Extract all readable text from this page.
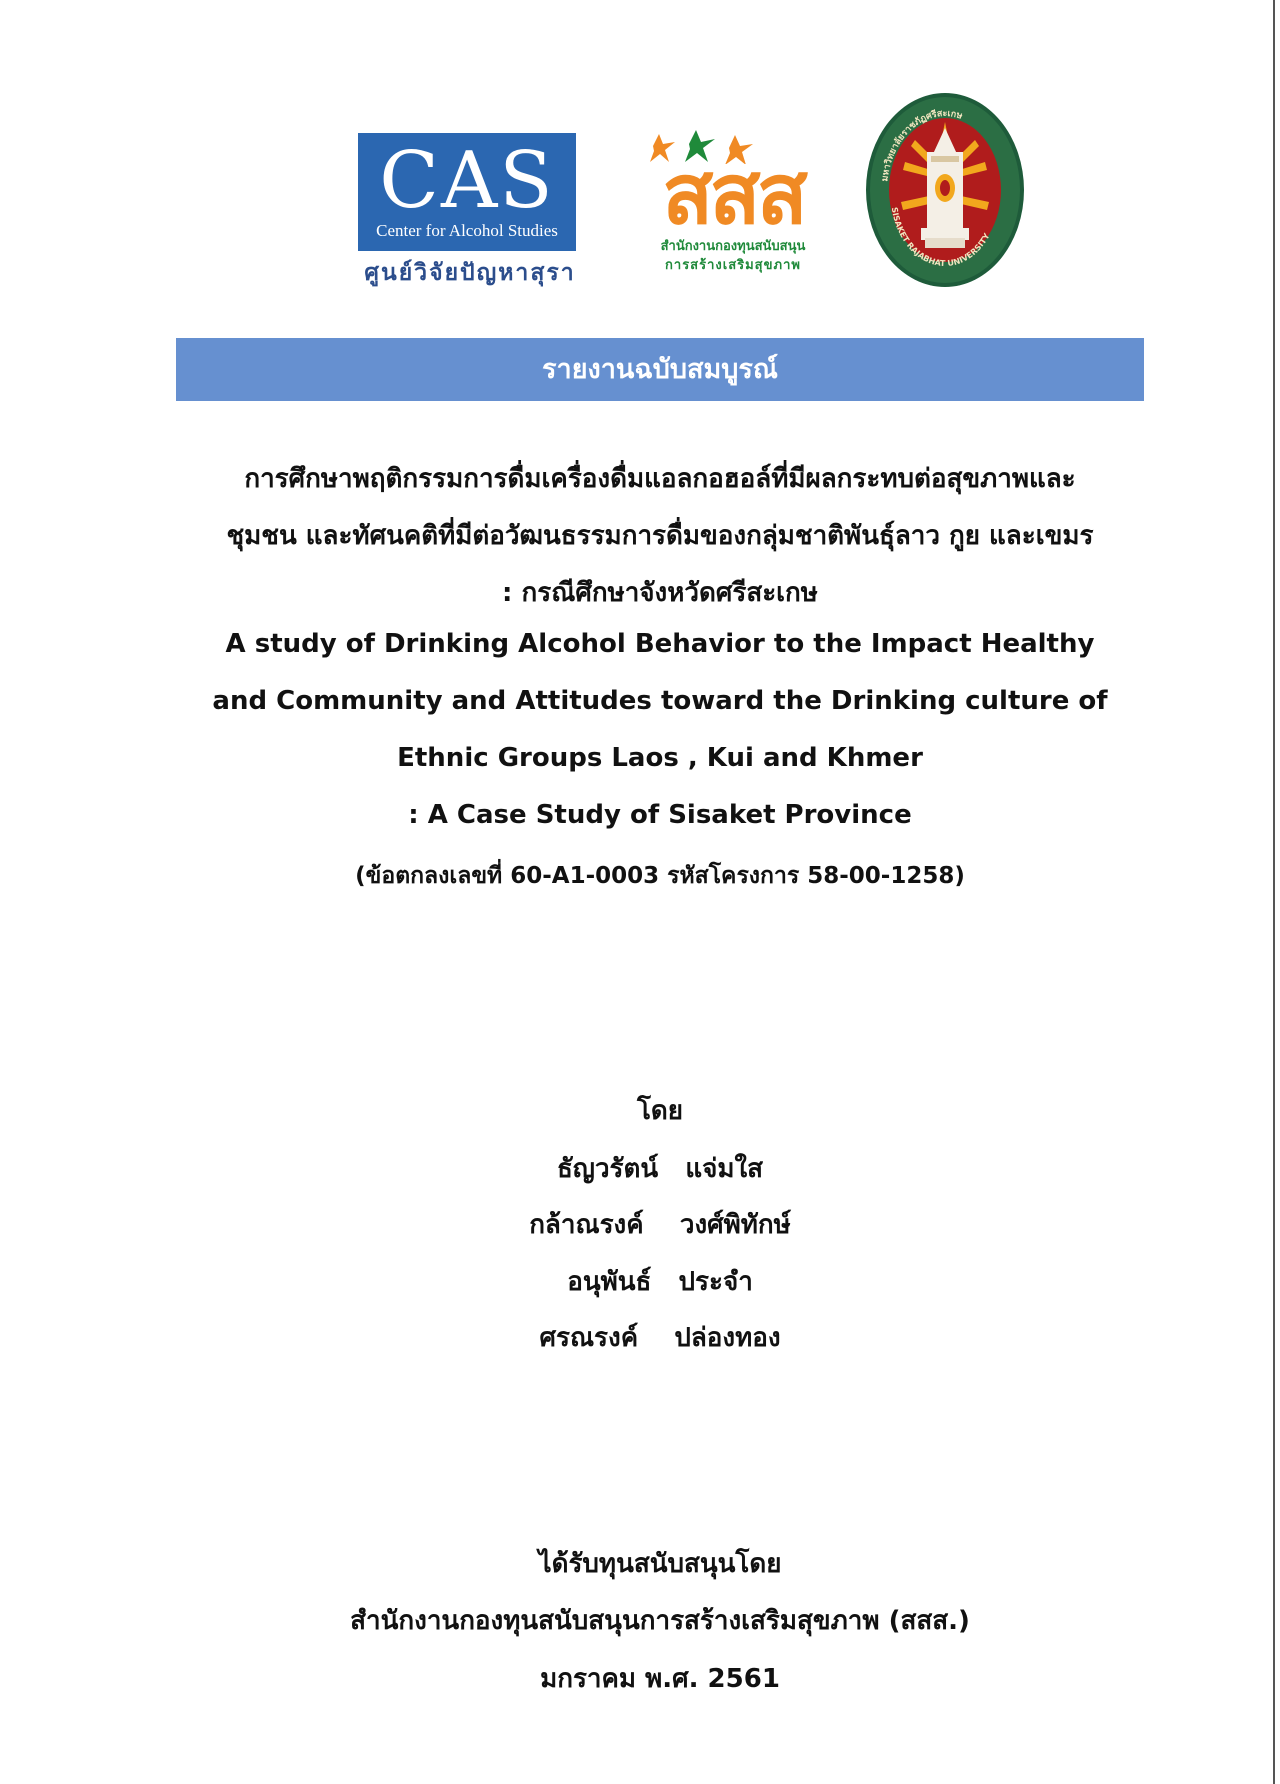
CAS
Center for Alcohol Studies
ศูนย์วิจัยปัญหาสุรา
สสส
สำนักงานกองทุนสนับสนุน
การสร้างเสริมสุขภาพ
มหาวิทยาลัยราชภัฏศรีสะเกษ
SISAKET RAJABHAT UNIVERSITY
รายงานฉบับสมบูรณ์
การศึกษาพฤติกรรมการดื่มเครื่องดื่มแอลกอฮอล์ที่มีผลกระทบต่อสุขภาพและ
ชุมชน และทัศนคติที่มีต่อวัฒนธรรมการดื่มของกลุ่มชาติพันธุ์ลาว กูย และเขมร
: กรณีศึกษาจังหวัดศรีสะเกษ
A study of Drinking Alcohol Behavior to the Impact Healthy
and Community and Attitudes toward the Drinking culture of
Ethnic Groups Laos , Kui and Khmer
: A Case Study of Sisaket Province
(ข้อตกลงเลขที่ 60-A1-0003 รหัสโครงการ 58-00-1258)
โดย
ธัญวรัตน์   แจ่มใส
กล้าณรงค์    วงศ์พิทักษ์
อนุพันธ์   ประจำ
ศรณรงค์    ปล่องทอง
ได้รับทุนสนับสนุนโดย
สำนักงานกองทุนสนับสนุนการสร้างเสริมสุขภาพ (สสส.)
มกราคม พ.ศ. 2561
